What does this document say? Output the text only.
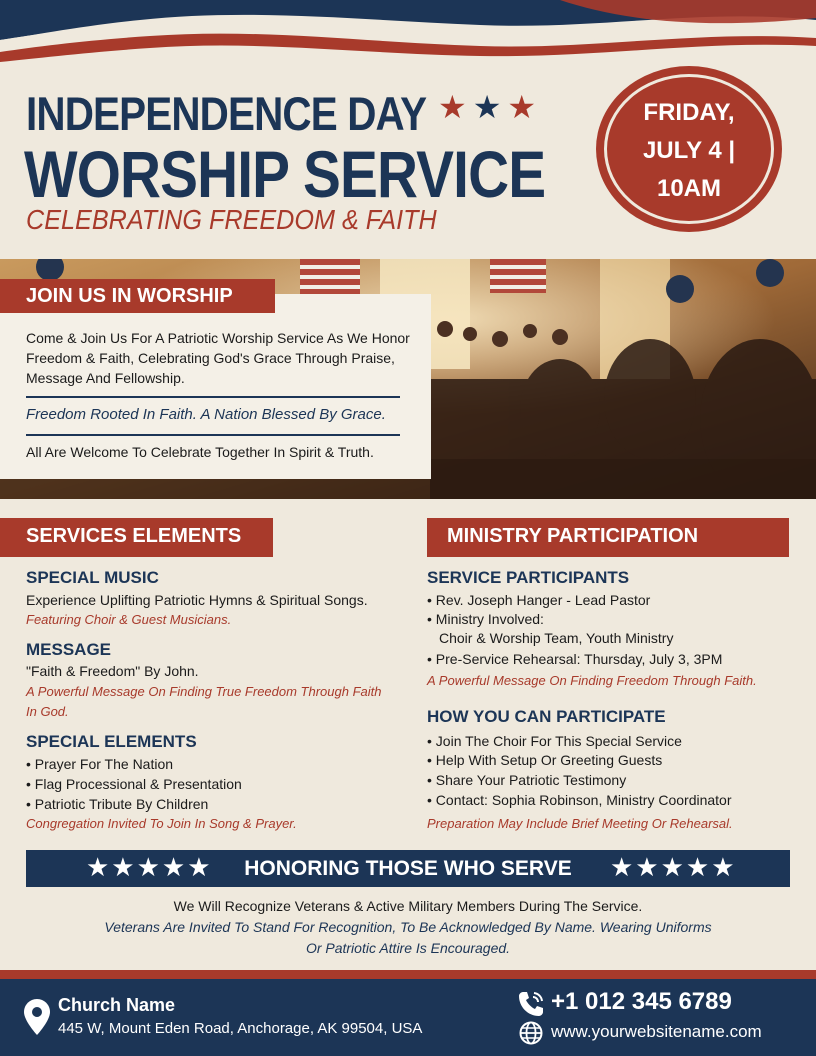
INDEPENDENCE DAY ★★★
WORSHIP SERVICE
CELEBRATING FREEDOM & FAITH
FRIDAY,
JULY 4 |
10AM
JOIN US IN WORSHIP
Come & Join Us For A Patriotic Worship Service As We Honor Freedom & Faith, Celebrating God's Grace Through Praise, Message And Fellowship.
Freedom Rooted In Faith. A Nation Blessed By Grace.
All Are Welcome To Celebrate Together In Spirit & Truth.
SERVICES ELEMENTS
SPECIAL MUSIC
Experience Uplifting Patriotic Hymns & Spiritual Songs.
Featuring Choir & Guest Musicians.
MESSAGE
"Faith & Freedom" By John.
A Powerful Message On Finding True Freedom Through Faith In God.
SPECIAL ELEMENTS
• Prayer For The Nation
• Flag Processional & Presentation
• Patriotic Tribute By Children
Congregation Invited To Join In Song & Prayer.
MINISTRY PARTICIPATION
SERVICE PARTICIPANTS
• Rev. Joseph Hanger - Lead Pastor
• Ministry Involved:
Choir & Worship Team, Youth Ministry
• Pre-Service Rehearsal: Thursday, July 3, 3PM
A Powerful Message On Finding Freedom Through Faith.
HOW YOU CAN PARTICIPATE
• Join The Choir For This Special Service
• Help With Setup Or Greeting Guests
• Share Your Patriotic Testimony
• Contact: Sophia Robinson, Ministry Coordinator
Preparation May Include Brief Meeting Or Rehearsal.
★★★★★	HONORING THOSE WHO SERVE	★★★★★
We Will Recognize Veterans & Active Military Members During The Service.
Veterans Are Invited To Stand For Recognition, To Be Acknowledged By Name. Wearing Uniforms
Or Patriotic Attire Is Encouraged.
Church Name
445 W, Mount Eden Road, Anchorage, AK 99504, USA
+1 012 345 6789
www.yourwebsitename.com
